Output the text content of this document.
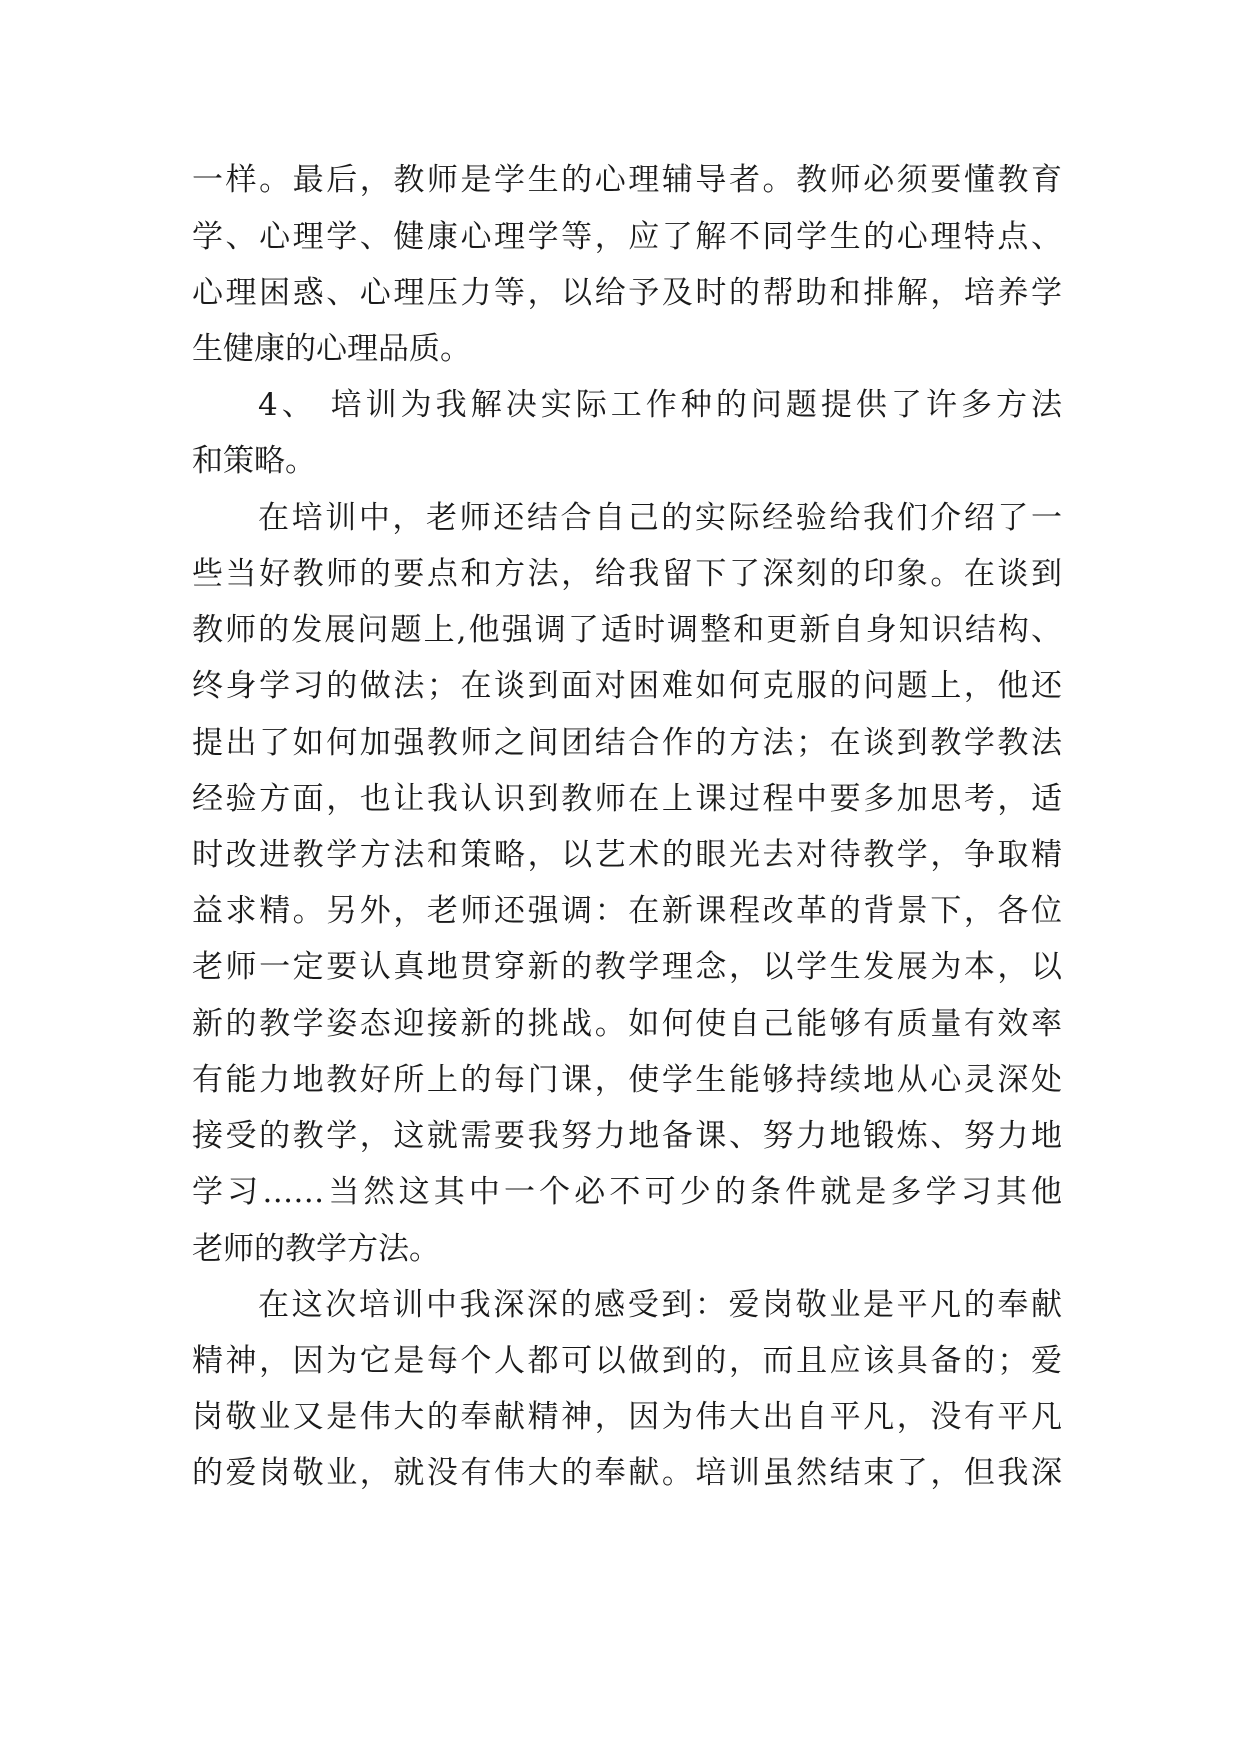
一样。最后，教师是学生的心理辅导者。教师必须要懂教育
学、心理学、健康心理学等，应了解不同学生的心理特点、
心理困惑、心理压力等，以给予及时的帮助和排解，培养学
生健康的心理品质。
4、 培训为我解决实际工作种的问题提供了许多方法
和策略。
在培训中，老师还结合自己的实际经验给我们介绍了一
些当好教师的要点和方法，给我留下了深刻的印象。在谈到
教师的发展问题上,他强调了适时调整和更新自身知识结构、
终身学习的做法；在谈到面对困难如何克服的问题上，他还
提出了如何加强教师之间团结合作的方法；在谈到教学教法
经验方面，也让我认识到教师在上课过程中要多加思考，适
时改进教学方法和策略，以艺术的眼光去对待教学，争取精
益求精。另外，老师还强调：在新课程改革的背景下，各位
老师一定要认真地贯穿新的教学理念，以学生发展为本，以
新的教学姿态迎接新的挑战。如何使自己能够有质量有效率
有能力地教好所上的每门课，使学生能够持续地从心灵深处
接受的教学，这就需要我努力地备课、努力地锻炼、努力地
学习……当然这其中一个必不可少的条件就是多学习其他
老师的教学方法。
在这次培训中我深深的感受到：爱岗敬业是平凡的奉献
精神，因为它是每个人都可以做到的，而且应该具备的；爱
岗敬业又是伟大的奉献精神，因为伟大出自平凡，没有平凡
的爱岗敬业，就没有伟大的奉献。培训虽然结束了，但我深
